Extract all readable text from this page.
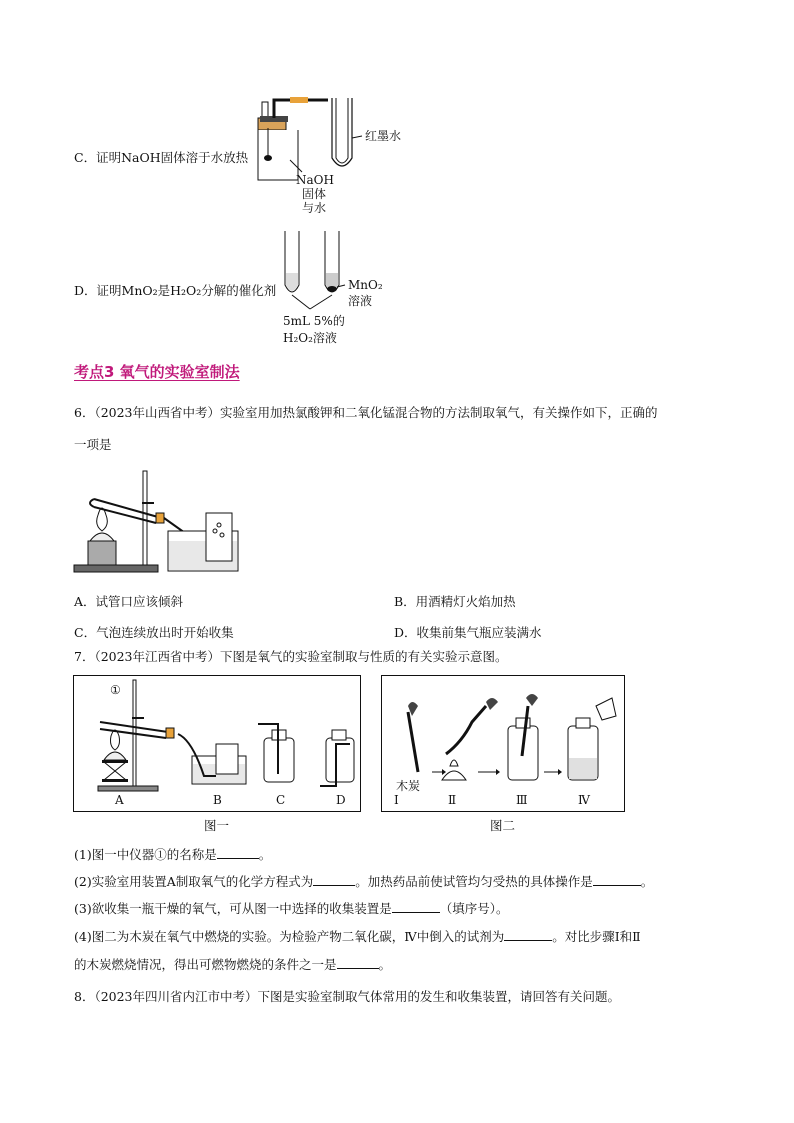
C．证明NaOH固体溶于水放热
红墨水
NaOH
固体
与水
D．证明MnO₂是H₂O₂分解的催化剂	MnO₂
溶液
5mL 5%的
H₂O₂溶液
考点3 氧气的实验室制法
6．（2023年山西省中考）实验室用加热氯酸钾和二氧化锰混合物的方法制取氧气，有关操作如下，正确的
一项是
A．试管口应该倾斜	B．用酒精灯火焰加热
C．气泡连续放出时开始收集	D．收集前集气瓶应装满水
7．（2023年江西省中考）下图是氧气的实验室制取与性质的有关实验示意图。
①
A	B	C	D
图一
木炭
Ⅰ	Ⅱ	Ⅲ	Ⅳ
图二
(1)图一中仪器①的名称是	。
(2)实验室用装置A制取氧气的化学方程式为	。加热药品前使试管均匀受热的具体操作是	。
(3)欲收集一瓶干燥的氧气，可从图一中选择的收集装置是	（填序号）。
(4)图二为木炭在氧气中燃烧的实验。为检验产物二氧化碳，Ⅳ中倒入的试剂为	。对比步骤Ⅰ和Ⅱ
的木炭燃烧情况，得出可燃物燃烧的条件之一是	。
8．（2023年四川省内江市中考）下图是实验室制取气体常用的发生和收集装置，请回答有关问题。
